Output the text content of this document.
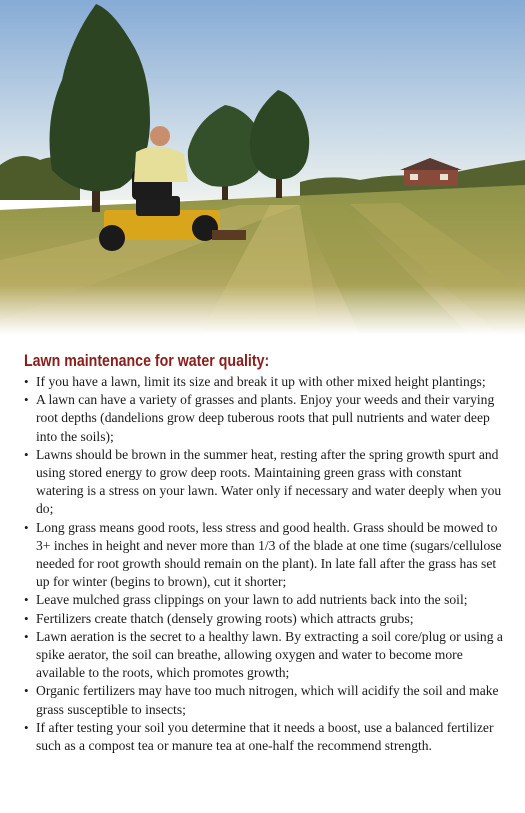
Lawn maintenance for water quality:
• If you have a lawn, limit its size and break it up with other mixed height plantings;
• A lawn can have a variety of grasses and plants. Enjoy your weeds and their varying root depths (dandelions grow deep tuberous roots that pull nutrients and water deep into the soils);
• Lawns should be brown in the summer heat, resting after the spring growth spurt and using stored energy to grow deep roots. Maintaining green grass with constant watering is a stress on your lawn. Water only if necessary and water deeply when you do;
• Long grass means good roots, less stress and good health. Grass should be mowed to 3+ inches in height and never more than 1/3 of the blade at one time (sugars/cellulose needed for root growth should remain on the plant). In late fall after the grass has set up for winter (begins to brown), cut it shorter;
• Leave mulched grass clippings on your lawn to add nutrients back into the soil;
• Fertilizers create thatch (densely growing roots) which attracts grubs;
• Lawn aeration is the secret to a healthy lawn. By extracting a soil core/plug or using a spike aerator, the soil can breathe, allowing oxygen and water to become more available to the roots, which promotes growth;
• Organic fertilizers may have too much nitrogen, which will acidify the soil and make grass susceptible to insects;
• If after testing your soil you determine that it needs a boost, use a balanced fertilizer such as a compost tea or manure tea at one-half the recommend strength.
